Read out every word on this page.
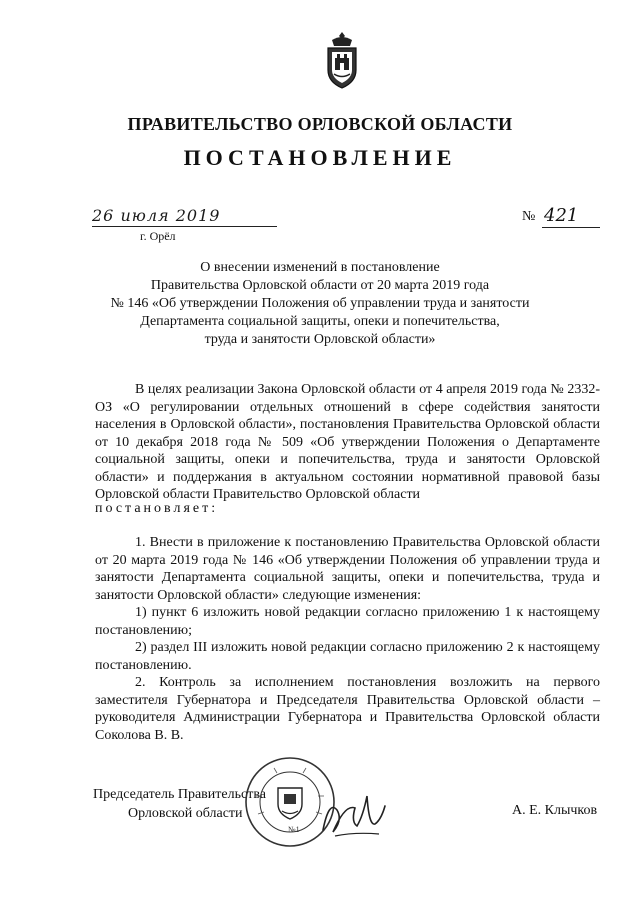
ПРАВИТЕЛЬСТВО ОРЛОВСКОЙ ОБЛАСТИ
ПОСТАНОВЛЕНИЕ
26 июля 2019	№ 421
г. Орёл
О внесении изменений в постановление
Правительства Орловской области от 20 марта 2019 года
№ 146 «Об утверждении Положения об управлении труда и занятости
Департамента социальной защиты, опеки и попечительства,
труда и занятости Орловской области»
В целях реализации Закона Орловской области от 4 апреля 2019 года № 2332-ОЗ «О регулировании отдельных отношений в сфере содействия занятости населения в Орловской области», постановления Правительства Орловской области от 10 декабря 2018 года № 509 «Об утверждении Положения о Департаменте социальной защиты, опеки и попечительства, труда и занятости Орловской области» и поддержания в актуальном состоянии нормативной правовой базы Орловской области Правительство Орловской области
постановляет:
1. Внести в приложение к постановлению Правительства Орловской области от 20 марта 2019 года № 146 «Об утверждении Положения об управлении труда и занятости Департамента социальной защиты, опеки и попечительства, труда и занятости Орловской области» следующие изменения:
1) пункт 6 изложить новой редакции согласно приложению 1 к настоящему постановлению;
2) раздел III изложить новой редакции согласно приложению 2 к настоящему постановлению.
2. Контроль за исполнением постановления возложить на первого заместителя Губернатора и Председателя Правительства Орловской области – руководителя Администрации Губернатора и Правительства Орловской области Соколова В. В.
Председатель Правительства
Орловской области
№1
А. Е. Клычков
